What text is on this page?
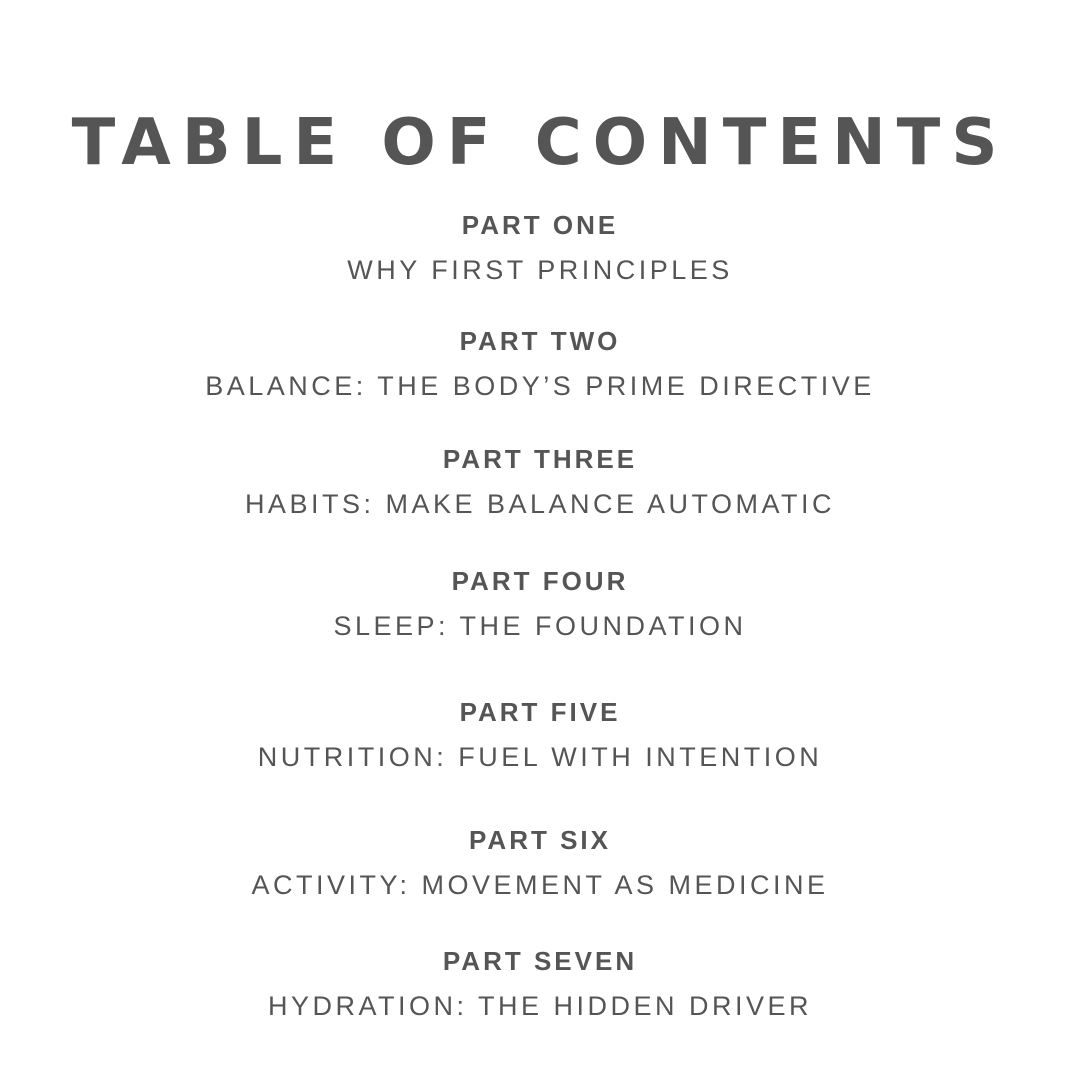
TABLE OF CONTENTS
PART ONE
WHY FIRST PRINCIPLES
PART TWO
BALANCE: THE BODY’S PRIME DIRECTIVE
PART THREE
HABITS: MAKE BALANCE AUTOMATIC
PART FOUR
SLEEP: THE FOUNDATION
PART FIVE
NUTRITION: FUEL WITH INTENTION
PART SIX
ACTIVITY: MOVEMENT AS MEDICINE
PART SEVEN
HYDRATION: THE HIDDEN DRIVER
